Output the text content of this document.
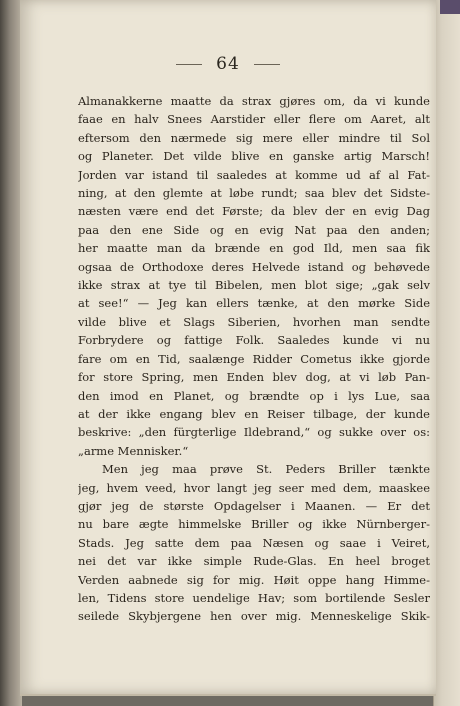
64
Almanakkerne maatte da strax gjøres om, da vi kunde
faae en halv Snees Aarstider eller flere om Aaret, alt
eftersom den nærmede sig mere eller mindre til Sol
og Planeter. Det vilde blive en ganske artig Marsch!
Jorden var istand til saaledes at komme ud af al Fat-
ning, at den glemte at løbe rundt; saa blev det Sidste-
næsten være end det Første; da blev der en evig Dag
paa den ene Side og en evig Nat paa den anden;
her maatte man da brænde en god Ild, men saa fik
ogsaa de Orthodoxe deres Helvede istand og behøvede
ikke strax at tye til Bibelen, men blot sige; „gak selv
at see!“ — Jeg kan ellers tænke, at den mørke Side
vilde blive et Slags Siberien, hvorhen man sendte
Forbrydere og fattige Folk. Saaledes kunde vi nu
fare om en Tid, saalænge Ridder Cometus ikke gjorde
for store Spring, men Enden blev dog, at vi løb Pan-
den imod en Planet, og brændte op i lys Lue, saa
at der ikke engang blev en Reiser tilbage, der kunde
beskrive: „den fürgterlige Ildebrand,“ og sukke over os:
„arme Mennisker.“
Men jeg maa prøve St. Peders Briller tænkte
jeg, hvem veed, hvor langt jeg seer med dem, maaskee
gjør jeg de største Opdagelser i Maanen. — Er det
nu bare ægte himmelske Briller og ikke Nürnberger-
Stads. Jeg satte dem paa Næsen og saae i Veiret,
nei det var ikke simple Rude-Glas. En heel broget
Verden aabnede sig for mig. Høit oppe hang Himme-
len, Tidens store uendelige Hav; som bortilende Sesler
seilede Skybjergene hen over mig. Menneskelige Skik-
